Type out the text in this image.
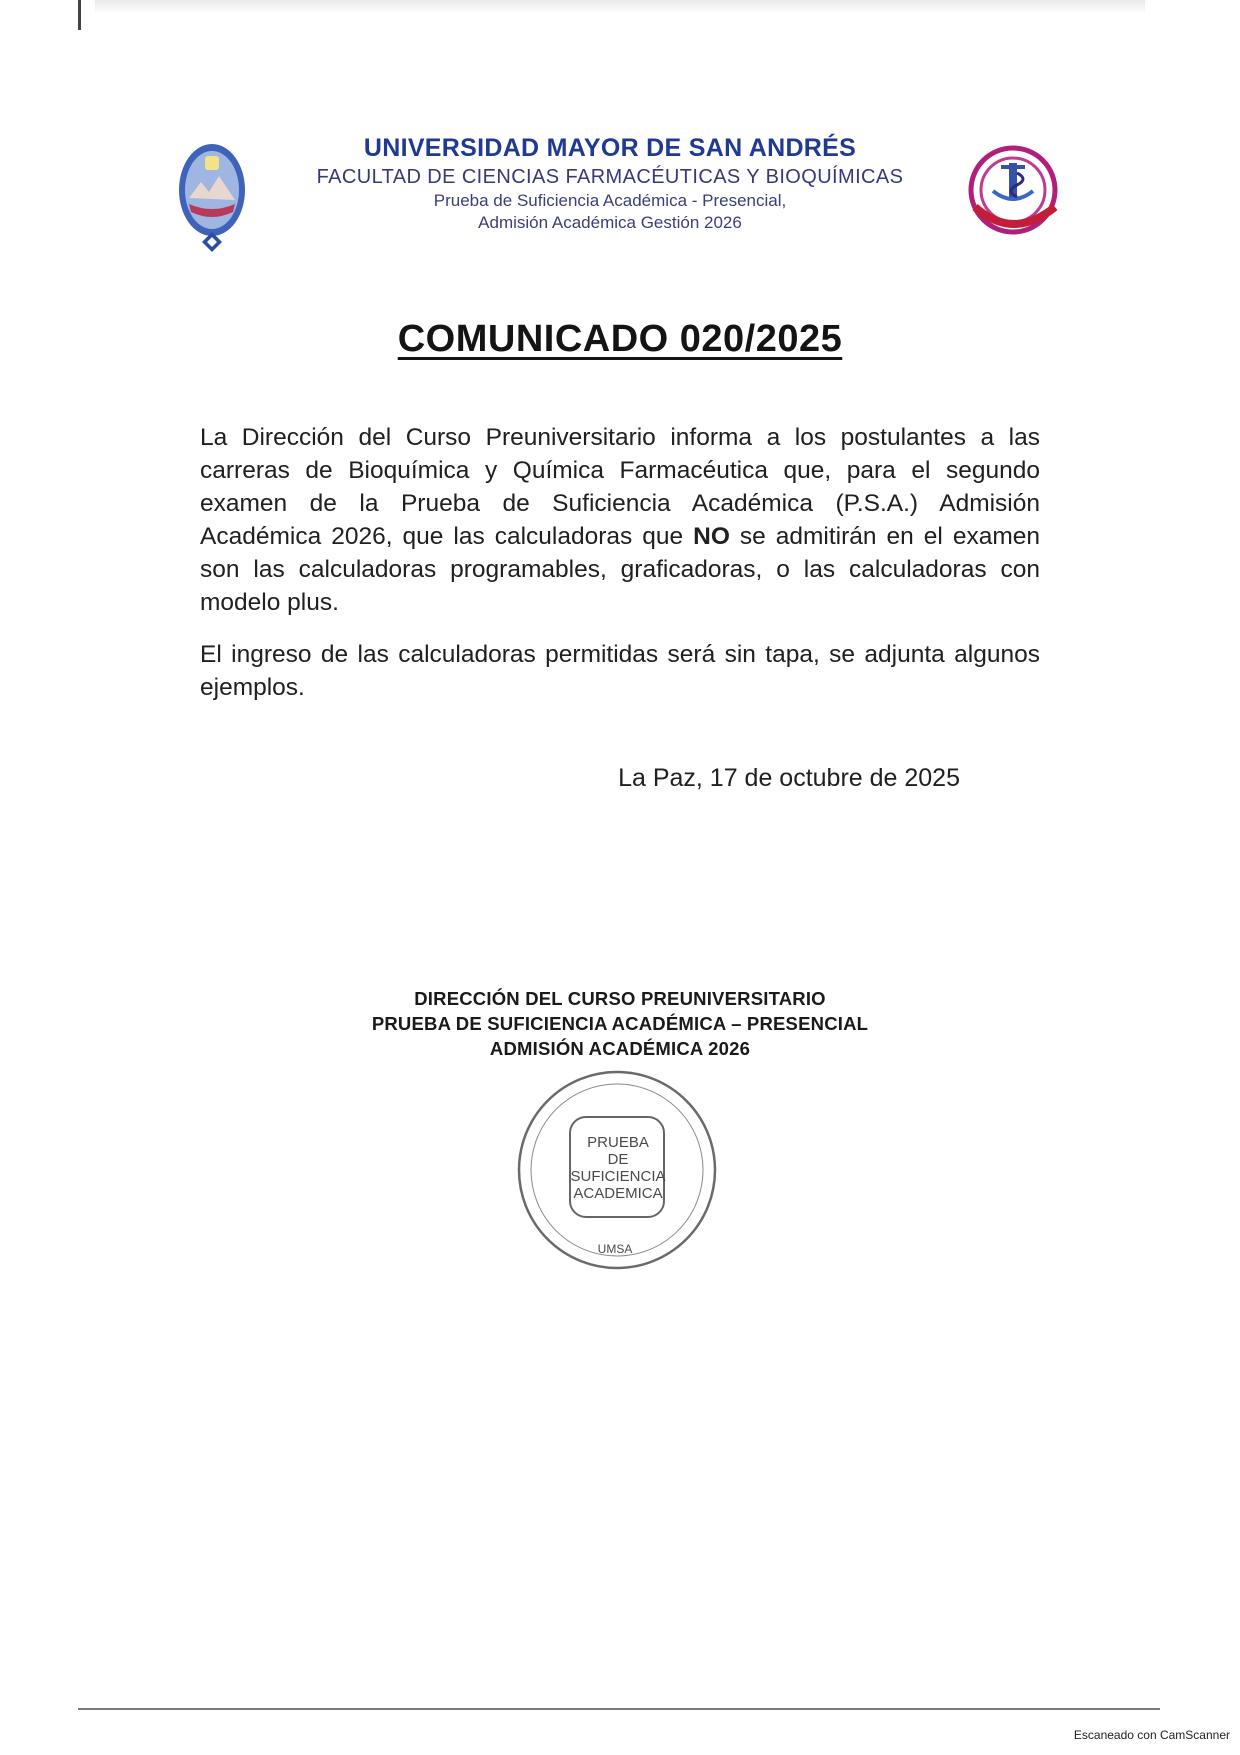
UNIVERSIDAD MAYOR DE SAN ANDRÉS
FACULTAD DE CIENCIAS FARMACÉUTICAS Y BIOQUÍMICAS
Prueba de Suficiencia Académica - Presencial,
Admisión Académica Gestión 2026
COMUNICADO 020/2025
La Dirección del Curso Preuniversitario informa a los postulantes a las carreras de Bioquímica y Química Farmacéutica que, para el segundo examen de la Prueba de Suficiencia Académica (P.S.A.) Admisión Académica 2026, que las calculadoras que NO se admitirán en el examen son las calculadoras programables, graficadoras, o las calculadoras con modelo plus.
El ingreso de las calculadoras permitidas será sin tapa, se adjunta algunos ejemplos.
La Paz, 17 de octubre de 2025
DIRECCIÓN DEL CURSO PREUNIVERSITARIO
PRUEBA DE SUFICIENCIA ACADÉMICA – PRESENCIAL
ADMISIÓN ACADÉMICA 2026
PRUEBA
DE
SUFICIENCIA
ACADEMICA
UMSA
Escaneado con CamScanner
